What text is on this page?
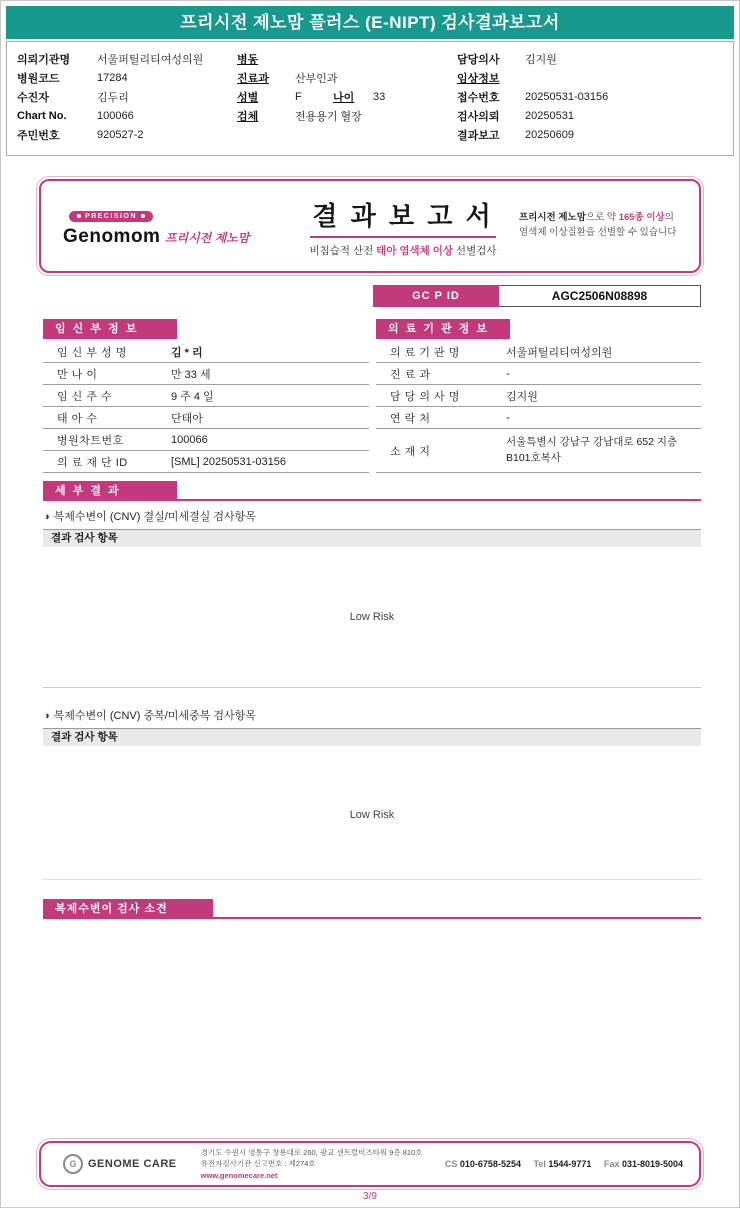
프리시전 제노맘 플러스 (E-NIPT) 검사결과보고서
의뢰기관명	서울퍼틸리티여성의원
병원코드	17284
수진자	김두리
Chart No.	100066
주민번호	920527-2
병동
진료과	산부인과
성별	F	나이	33
검체	전용용기 혈장
담당의사	김지원
임상정보
접수번호	20250531-03156
검사의뢰	20250531
결과보고	20250609
PRECISION
Genomom 프리시전 제노맘
결 과 보 고 서
비침습적 산전 태아 염색체 이상 선별검사
프리시전 제노맘으로 약 165종 이상의
염색체 이상질환을 선별할 수 있습니다
GC P ID	AGC2506N08898
임 신 부 정 보	의 료 기 관 정 보
임 신 부 성 명	김 * 리
만 나 이	만 33 세
임 신 주 수	9 주 4 일
태 아 수	단태아
병원차트번호	100066
의 료 재 단 ID	[SML] 20250531-03156
의 료 기 관 명	서울퍼틸리티여성의원
진 료 과	-
담 당 의 사 명	김지원
연 락 처	-
소 재 지
서울특별시 강남구 강남대로 652 지층 B101호복사
세 부 결 과
◑ 복제수변이 (CNV) 결실/미세결실 검사항목
결과 검사 항목
Low Risk
◑ 복제수변이 (CNV) 중복/미세중복 검사항목
결과 검사 항목
Low Risk
복제수변이 검사 소견
G	GENOME CARE
경기도 수원시 영통구 창룡대로 260, 광교 센트럴비즈타워 9층 810호
유전자검사기관 신고번호 : 제274호
www.genomecare.net
CS 010-6758-5254 Tel 1544-9771 Fax 031-8019-5004
3/9
